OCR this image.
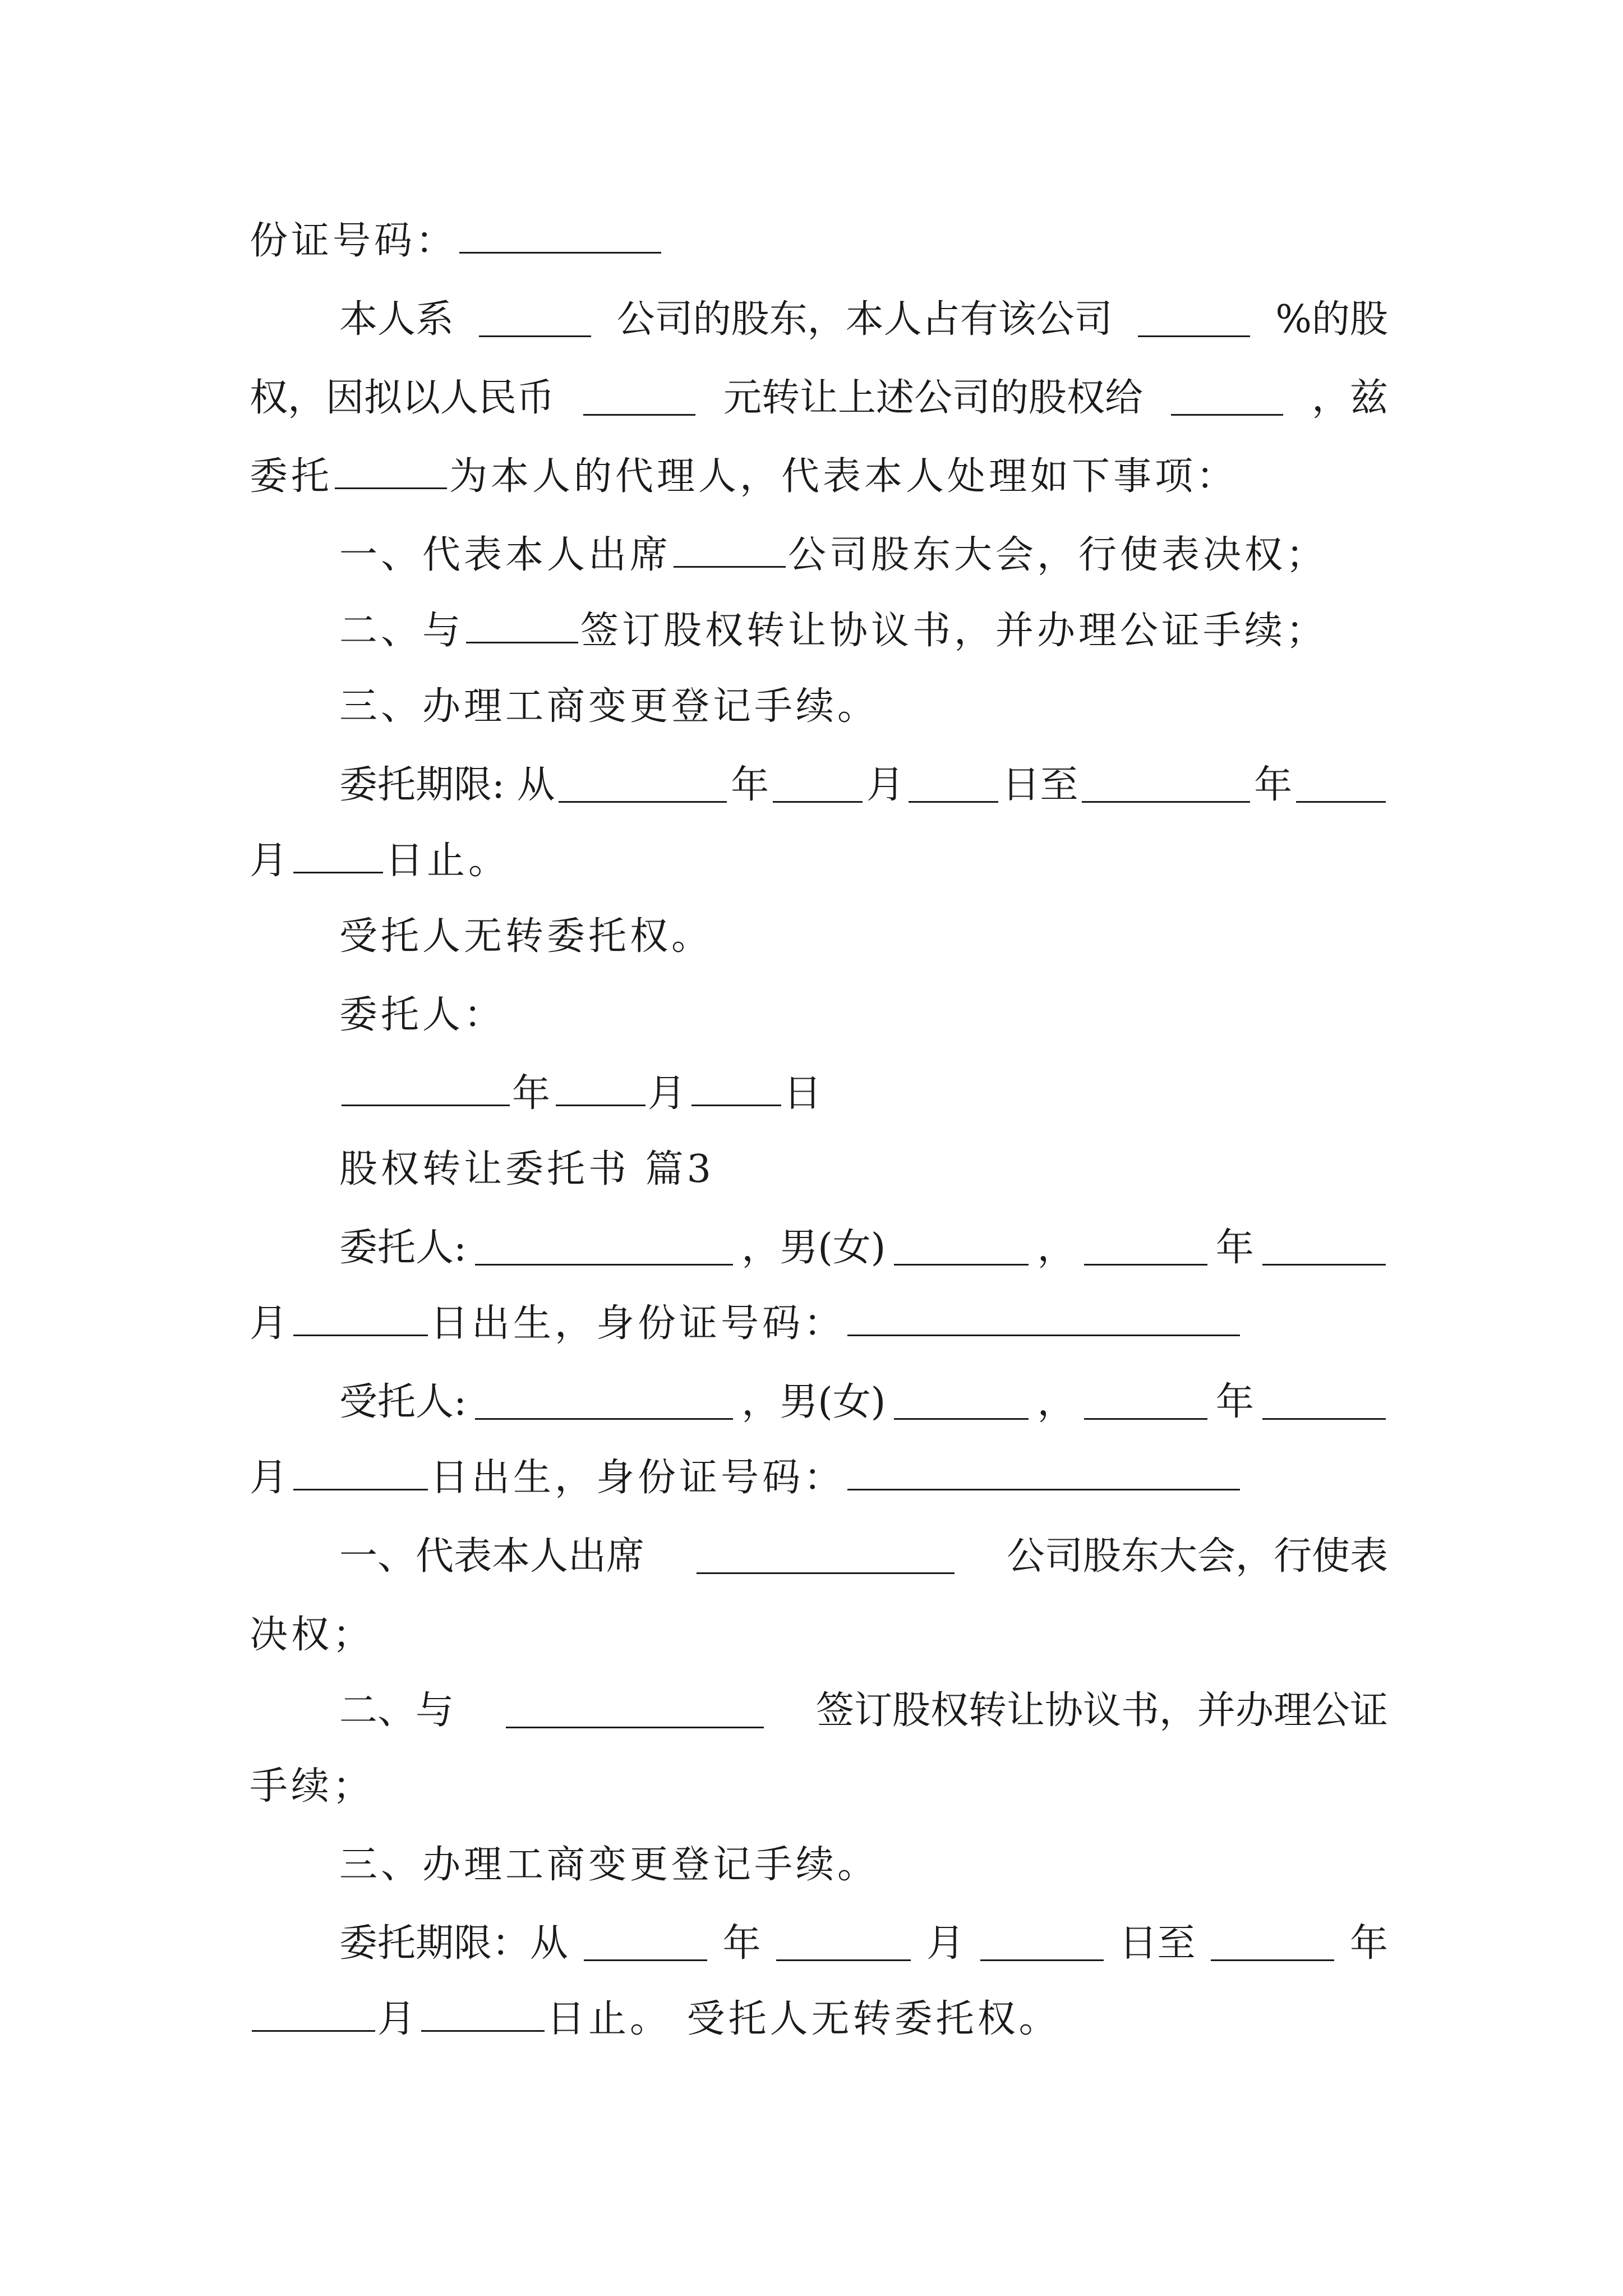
份证号码：
本人系	公司的股东，本人占有该公司	%的股
权，因拟以人民币	元转让上述公司的股权给	，兹
委托	为本人的代理人，代表本人处理如下事项：
一、代表本人出席	公司股东大会，行使表决权；
二、与	签订股权转让协议书，并办理公证手续；
三、办理工商变更登记手续。
委托期限: 从	年	月	日至	年
月 日止。
受托人无转委托权。
委托人：
年 月 日
股权转让委托书 篇3
委托人:	，男(女)	，	年
月	日出生，身份证号码：
受托人:	，男(女)	，	年
月	日出生，身份证号码：
一、代表本人出席	公司股东大会，行使表
决权；
二、与	签订股权转让协议书，并办理公证
手续；
三、办理工商变更登记手续。
委托期限：从	年	月	日至	年
月	日止。 受托人无转委托权。
